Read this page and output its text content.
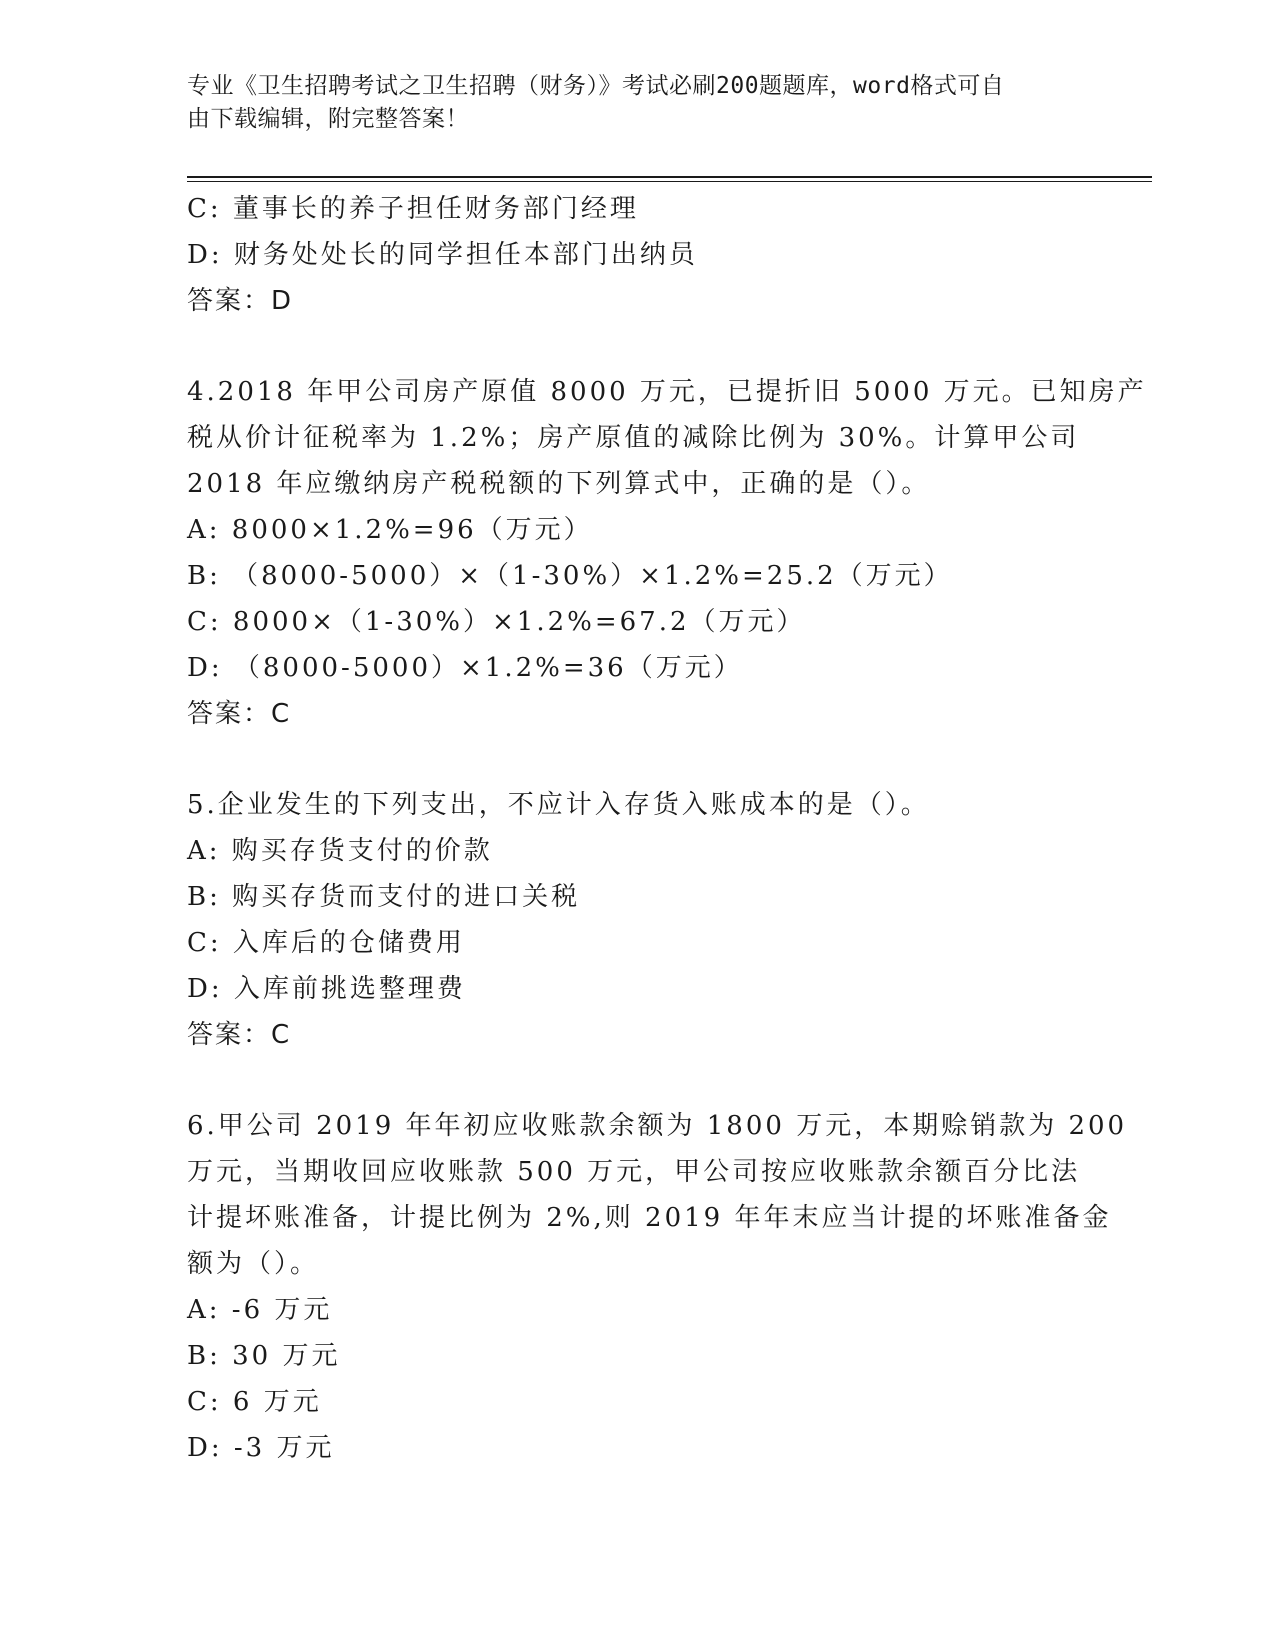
专业《卫生招聘考试之卫生招聘（财务）》考试必刷200题题库，word格式可自
由下载编辑，附完整答案！
C: 董事长的养子担任财务部门经理
D: 财务处处长的同学担任本部门出纳员
答案：D
4.2018 年甲公司房产原值 8000 万元，已提折旧 5000 万元。已知房产
税从价计征税率为 1.2%；房产原值的减除比例为 30%。计算甲公司
2018 年应缴纳房产税税额的下列算式中，正确的是（）。
A: 8000×1.2%=96（万元）
B: （8000-5000）×（1-30%）×1.2%=25.2（万元）
C: 8000×（1-30%）×1.2%=67.2（万元）
D: （8000-5000）×1.2%=36（万元）
答案：C
5.企业发生的下列支出，不应计入存货入账成本的是（）。
A: 购买存货支付的价款
B: 购买存货而支付的进口关税
C: 入库后的仓储费用
D: 入库前挑选整理费
答案：C
6.甲公司 2019 年年初应收账款余额为 1800 万元，本期赊销款为 200
万元，当期收回应收账款 500 万元，甲公司按应收账款余额百分比法
计提坏账准备，计提比例为 2%,则 2019 年年末应当计提的坏账准备金
额为（）。
A: -6 万元
B: 30 万元
C: 6 万元
D: -3 万元
